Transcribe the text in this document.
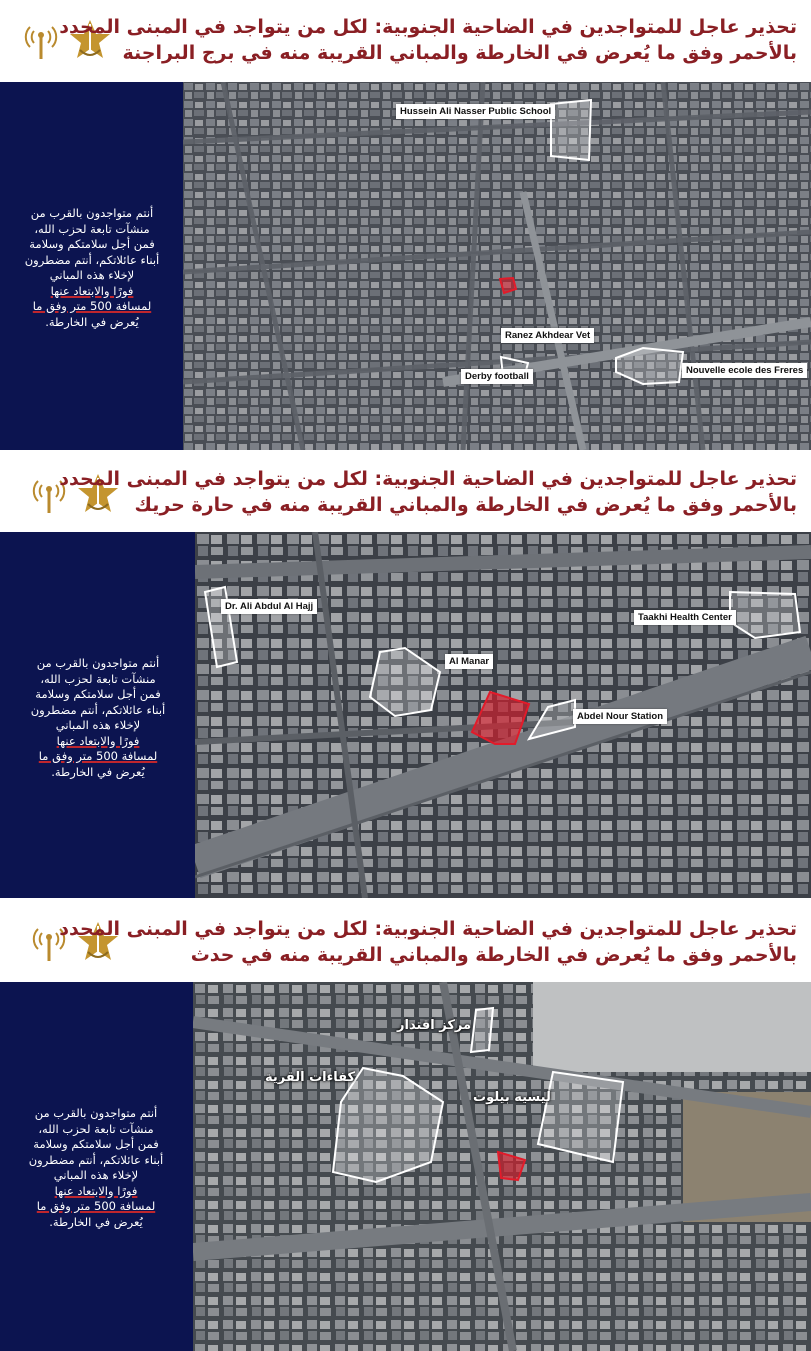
تحذير عاجل للمتواجدين في الضاحية الجنوبية: لكل من يتواجد في المبنى المحدد
بالأحمر وفق ما يُعرض في الخارطة والمباني القريبة منه في برج البراجنة
أنتم متواجدون بالقرب من
منشآت تابعة لحزب الله،
فمن أجل سلامتكم وسلامة
أبناء عائلاتكم، أنتم مضطرون
لإخلاء هذه المباني
فورًا والابتعاد عنها
لمسافة 500 متر وفق ما
يُعرض في الخارطة.
Hussein Ali Nasser Public School
Ranez Akhdear Vet
Derby football
Nouvelle ecole des Freres
تحذير عاجل للمتواجدين في الضاحية الجنوبية: لكل من يتواجد في المبنى المحدد
بالأحمر وفق ما يُعرض في الخارطة والمباني القريبة منه في حارة حريك
أنتم متواجدون بالقرب من
منشآت تابعة لحزب الله،
فمن أجل سلامتكم وسلامة
أبناء عائلاتكم، أنتم مضطرون
لإخلاء هذه المباني
فورًا والابتعاد عنها
لمسافة 500 متر وفق ما
يُعرض في الخارطة.
Dr. Ali Abdul Al Hajj
Taakhi Health Center
Al Manar
Abdel Nour Station
تحذير عاجل للمتواجدين في الضاحية الجنوبية: لكل من يتواجد في المبنى المحدد
بالأحمر وفق ما يُعرض في الخارطة والمباني القريبة منه في حدث
أنتم متواجدون بالقرب من
منشآت تابعة لحزب الله،
فمن أجل سلامتكم وسلامة
أبناء عائلاتكم، أنتم مضطرون
لإخلاء هذه المباني
فورًا والابتعاد عنها
لمسافة 500 متر وفق ما
يُعرض في الخارطة.
مركز اقتدار
كفاءات القرية
ليسيه بيلوت
